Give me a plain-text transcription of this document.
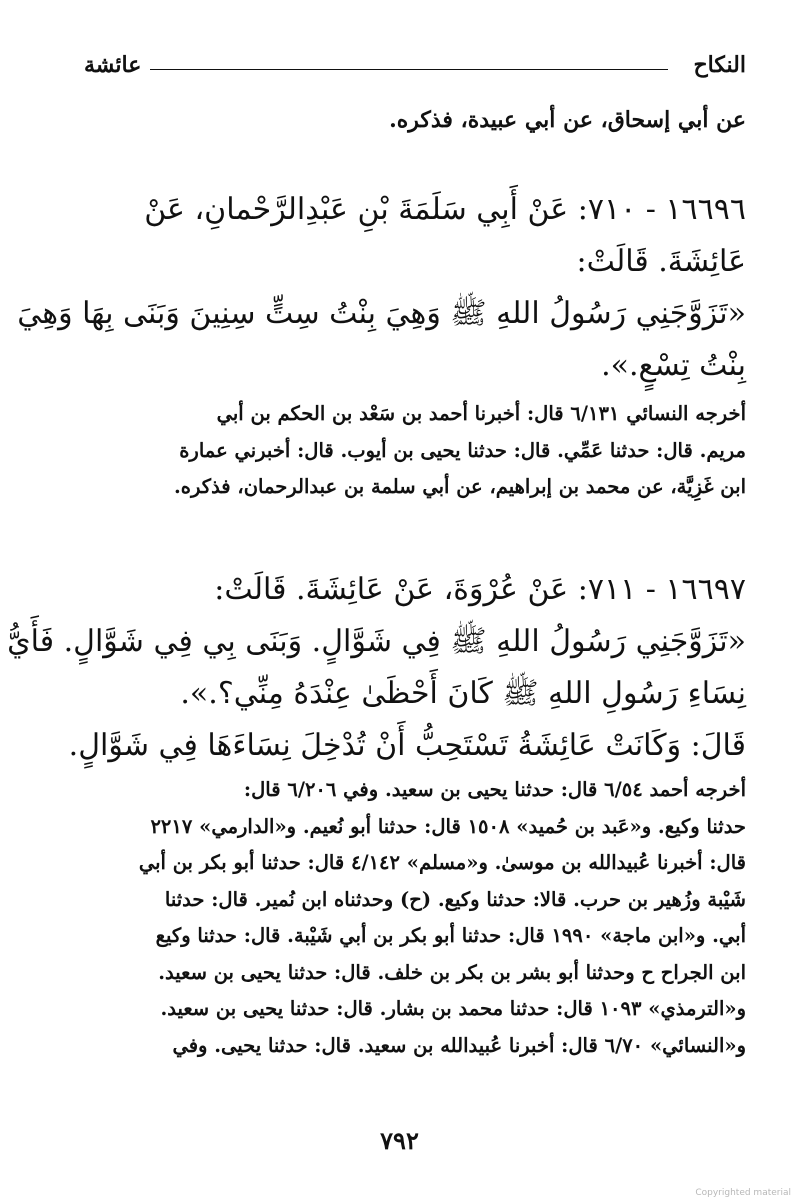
النكاح
عائشة
عن أبي إسحاق، عن أبي عبيدة، فذكره.
١٦٦٩٦ - ٧١٠: عَنْ أَبِي سَلَمَةَ بْنِ عَبْدِالرَّحْمانِ، عَنْ
عَائِشَةَ. قَالَتْ:
«تَزَوَّجَنِي رَسُولُ اللهِ ﷺ وَهِيَ بِنْتُ سِتٍّ سِنِينَ وَبَنَى بِهَا وَهِيَ
بِنْتُ تِسْعٍ.».
أخرجه النسائي ٦/١٣١ قال: أخبرنا أحمد بن سَعْد بن الحكم بن أبي
مريم. قال: حدثنا عَمِّي. قال: حدثنا يحيى بن أيوب. قال: أخبرني عمارة
ابن غَزِيَّة، عن محمد بن إبراهيم، عن أبي سلمة بن عبدالرحمان، فذكره.
١٦٦٩٧ - ٧١١: عَنْ عُرْوَةَ، عَنْ عَائِشَةَ. قَالَتْ:
«تَزَوَّجَنِي رَسُولُ اللهِ ﷺ فِي شَوَّالٍ. وَبَنَى بِي فِي شَوَّالٍ. فَأَيُّ
نِسَاءِ رَسُولِ اللهِ ﷺ كَانَ أَحْظَىٰ عِنْدَهُ مِنِّي؟.».
قَالَ: وَكَانَتْ عَائِشَةُ تَسْتَحِبُّ أَنْ تُدْخِلَ نِسَاءَهَا فِي شَوَّالٍ.
أخرجه أحمد ٦/٥٤ قال: حدثنا يحيى بن سعيد. وفي ٦/٢٠٦ قال:
حدثنا وكيع. و«عَبد بن حُميد» ١٥٠٨ قال: حدثنا أبو نُعيم. و«الدارمي» ٢٢١٧
قال: أخبرنا عُبيدالله بن موسىٰ. و«مسلم» ٤/١٤٢ قال: حدثنا أبو بكر بن أبي
شَيْبة وزُهير بن حرب. قالا: حدثنا وكيع. (ح) وحدثناه ابن نُمير. قال: حدثنا
أبي. و«ابن ماجة» ١٩٩٠ قال: حدثنا أبو بكر بن أبي شَيْبة. قال: حدثنا وكيع
ابن الجراح ح وحدثنا أبو بشر بن بكر بن خلف. قال: حدثنا يحيى بن سعيد.
و«الترمذي» ١٠٩٣ قال: حدثنا محمد بن بشار. قال: حدثنا يحيى بن سعيد.
و«النسائي» ٦/٧٠ قال: أخبرنا عُبيدالله بن سعيد. قال: حدثنا يحيى. وفي
٧٩٢
Copyrighted material
